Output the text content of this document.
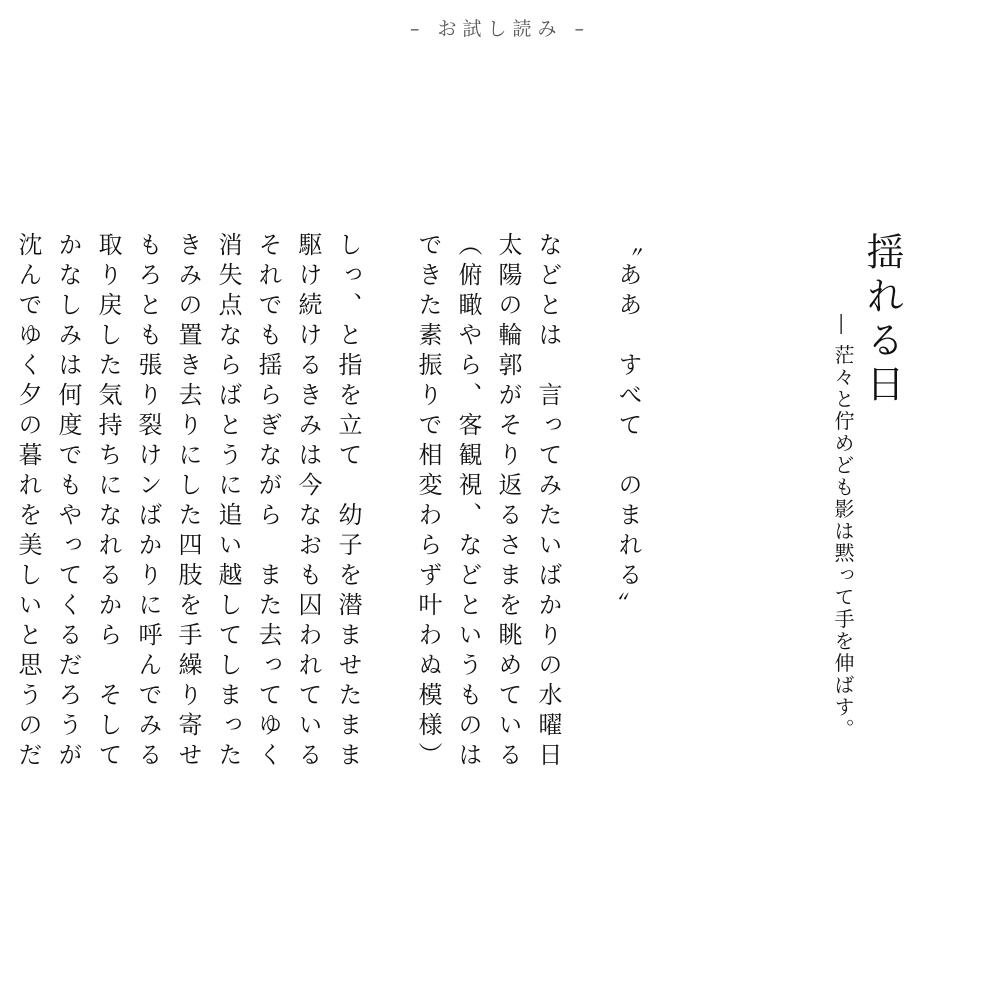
– お試し読み –
揺れる日
― 茫々と佇めども影は黙って手を伸ばす。
〝ああ　すべて　のまれる〟
などとは　言ってみたいばかりの水曜日
太陽の輪郭がそり返るさまを眺めている
（俯瞰やら、客観視、などというものは
できた素振りで相変わらず叶わぬ模様）
しっ、と指を立て　幼子を潜ませたまま
駆け続けるきみは今なおも囚われている
それでも揺らぎながら　また去ってゆく
消失点ならばとうに追い越してしまった
きみの置き去りにした四肢を手繰り寄せ
もろとも張り裂けンばかりに呼んでみる
取り戻した気持ちになれるから　そして
かなしみは何度でもやってくるだろうが
沈んでゆく夕の暮れを美しいと思うのだ
